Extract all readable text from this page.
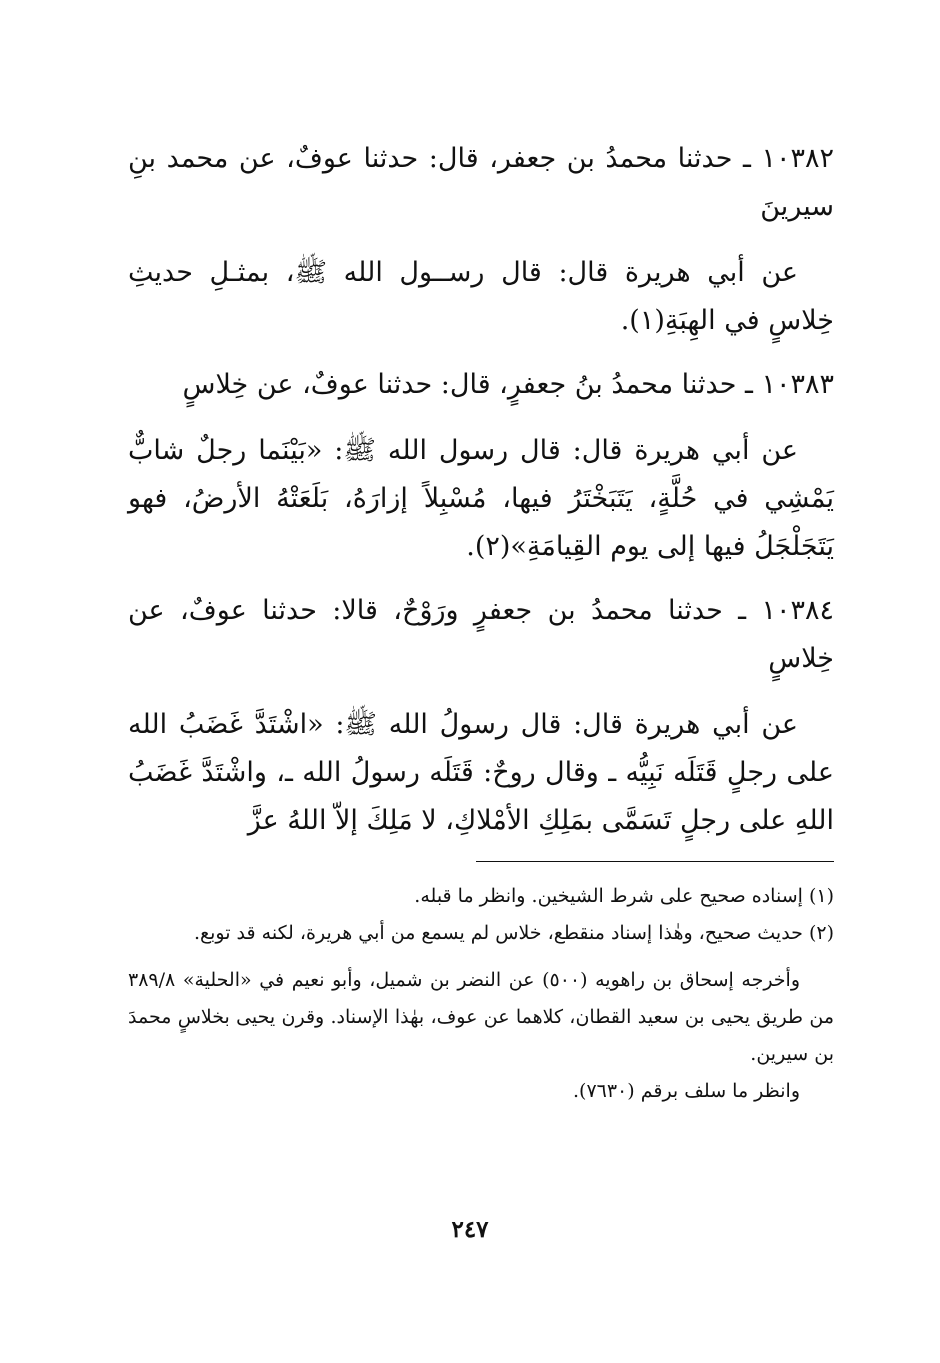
١٠٣٨٢ ـ حدثنا محمدُ بن جعفر، قال: حدثنا عوفٌ، عن محمد بنِ سيرينَ

عن أبي هريرة قال: قال رســول الله ﷺ، بمثـلِ حديثِ خِلاسٍ في الهِبَةِ(١).

١٠٣٨٣ ـ حدثنا محمدُ بنُ جعفرٍ، قال: حدثنا عوفٌ، عن خِلاسٍ

عن أبي هريرة قال: قال رسول الله ﷺ: «بَيْنَما رجلٌ شابٌّ يَمْشِي في حُلَّةٍ، يَتَبَخْتَرُ فيها، مُسْبِلاً إزارَهُ، بَلَعَتْهُ الأرضُ، فهو يَتَجَلْجَلُ فيها إلى يوم القِيامَةِ»(٢).

١٠٣٨٤ ـ حدثنا محمدُ بن جعفرٍ ورَوْحٌ، قالا: حدثنا عوفٌ، عن خِلاسٍ

عن أبي هريرة قال: قال رسولُ الله ﷺ: «اشْتَدَّ غَضَبُ الله على رجلٍ قَتَلَه نَبِيُّه ـ وقال روحٌ: قَتَلَه رسولُ الله ـ، واشْتَدَّ غَضَبُ اللهِ على رجلٍ تَسَمَّى بمَلِكِ الأمْلاكِ، لا مَلِكَ إلاّ اللهُ عزَّ

(١) إسناده صحيح على شرط الشيخين. وانظر ما قبله.

(٢) حديث صحيح، وهٰذا إسناد منقطع، خلاس لم يسمع من أبي هريرة، لكنه قد توبع.

وأخرجه إسحاق بن راهويه (٥٠٠) عن النضر بن شميل، وأبو نعيم في «الحلية» ٣٨٩/٨ من طريق يحيى بن سعيد القطان، كلاهما عن عوف، بهٰذا الإسناد. وقرن يحيى بخلاسٍ محمدَ بن سيرين.

وانظر ما سلف برقم (٧٦٣٠).

٢٤٧
